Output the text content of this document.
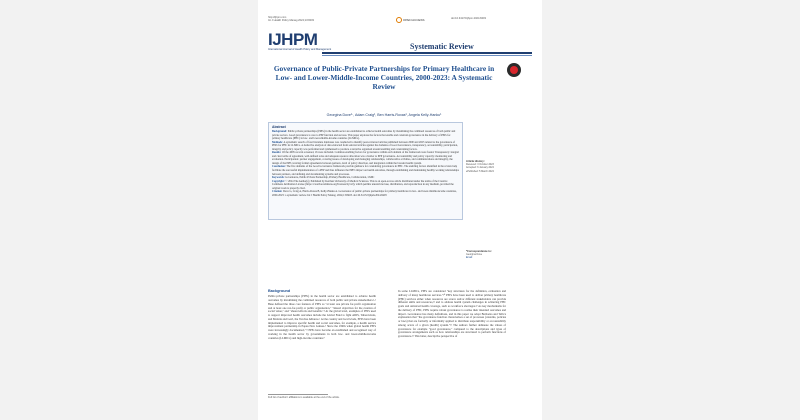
http://ijhpm.com
Int J Health Policy Manag 2024;13:8403	OPEN ACCESS	doi 10.34172/ijhpm.2024.8403
IJHPM
International Journal of Health Policy and Management	Systematic Review
Governance of Public-Private Partnerships for Primary Healthcare in Low- and Lower-Middle-Income Countries, 2000-2023: A Systematic Review
Georgina Dove¹·, Adam Craig¹, Ben Harris-Roxas¹, Angela Kelly-Hanku¹
Abstract
Background: Public-private partnerships (PPPs) in the health sector are established to achieve health outcomes by maximising the combined resources of both public and private sectors. Good governance is core to PPP function and success. This paper explores the factors that enable and constrain governance in the delivery of PPPs for primary healthcare (PHC) in low- and lower-middle-income countries (LLMICs).
Methods: A systematic search of four literature databases was conducted to identify peer-reviewed articles published between 2000 and 2023 related to the governance of PPPs for PHC in LLMICs. A deductive analysis of data extracted from selected articles against the domains of Good Governance, transparency, accountability, participation, integrity and policy capacity was performed and synthesised to produce a narrative organised around enabling and constraining factors.
Results: Of the 4095 records screened, 16 were included. Common enabling factors for governance within each domain of the framework were found. Transparency: integral and clear terms of agreement, well-defined roles and adequate resource allocation was a barrier to PPP governance. Accountability and policy capacity: monitoring and evaluation. Participation: partner engagement, covering issues of developing and managing relationships, collaborative activities, and communications and integrity, the design of the PPP covering formal agreements between partners, level of policy direction, and integration within the broader health system.
Conclusion: The five domains of the Good Governance framework provide guidance for considering governance in PHC. The enabling factors identified in the review help facilitate the successful implementation of a PPP and thus influence the PPP's impact on health outcomes, through establishing and maintaining healthy working relationships between partners, and defining and documenting systems and processes.
Keywords: Governance, Public-Private Partnership, Primary Healthcare, Collaboration, LMIC
Copyright: © 2024 The Author(s); Published by Kerman University of Medical Sciences. This is an open-access article distributed under the terms of the Creative Commons Attribution License (https://creativecommons.org/licenses/by/4.0), which permits unrestricted use, distribution, and reproduction in any medium, provided the original work is properly cited.
Citation: Dove G, Craig A, Harris-Roxas B, Kelly-Hanku A. Governance of public-private partnerships for primary healthcare in low- and lower-middle-income countries, 2000-2023: a systematic review. Int J Health Policy Manag. 2024;13:8403. doi:10.34172/ijhpm.2024.8403
Article History:
Received: 3 October 2023
Accepted: 6 January 2024
ePublished: 5 March 2024
*Correspondence to:
Georgina Dove
Email:
Background
Public-private partnerships (PPPs) in the health sector are established to achieve health outcomes by maximising the combined resources of both public and private stakeholders.¹-³ Buse defined the three core features of PPPs as "at least one private for-profit organisation and at least one not-for-profit or public organisation," "shared objectives for the creation of social value," and "shared efforts and benefits."⁴ At the global level, examples of PPPs used to support improved health outcomes include the Global Fund to fight AIDS, Tuberculosis, and Malaria and Gavi, the Vaccine Alliance.⁵ At the country and local levels, PPPs have been implemented to improve specific health and social outcomes, for example, a health service improvement partnership in Papua New Guinea.⁶ Since the 1990s when global health PPPs were increasingly documented,⁷·⁸ PPPs have become an established and recognised way of working in the health sector by governments in both low- and lower-middle-income countries (LLMICs) and high-income countries.⁹
In some LLMICs, PPPs are considered "key structures for the definition, evaluation and delivery of many healthcare services."¹⁰ PPPs have been used to deliver primary healthcare (PHC) services either when resources are scarce and/or different stakeholders can provide different skills and resources,¹¹ and to address health system challenges in achieving PHC goals and universal health coverage, such as workforce shortages.¹² As key mechanisms for the delivery of PHC, PPPs require robust governance to realise their intended outcomes and impact. Governance has many definitions, and in this paper we adopt Barbazza and Tello's explanation that "the governance function characterises a set of processes (customs, policies or laws) that are formally or informally applied to distribute responsibility or accountability among actors of a given [health] system."¹³ The authors further delineate the values of governance for example "good governance," compared to the descriptions and types of governance arrangements such as how relationships are structured to perform functions of governance.¹³ This latter, descriptive perspective of
Full list of authors' affiliations is available at the end of the article.
